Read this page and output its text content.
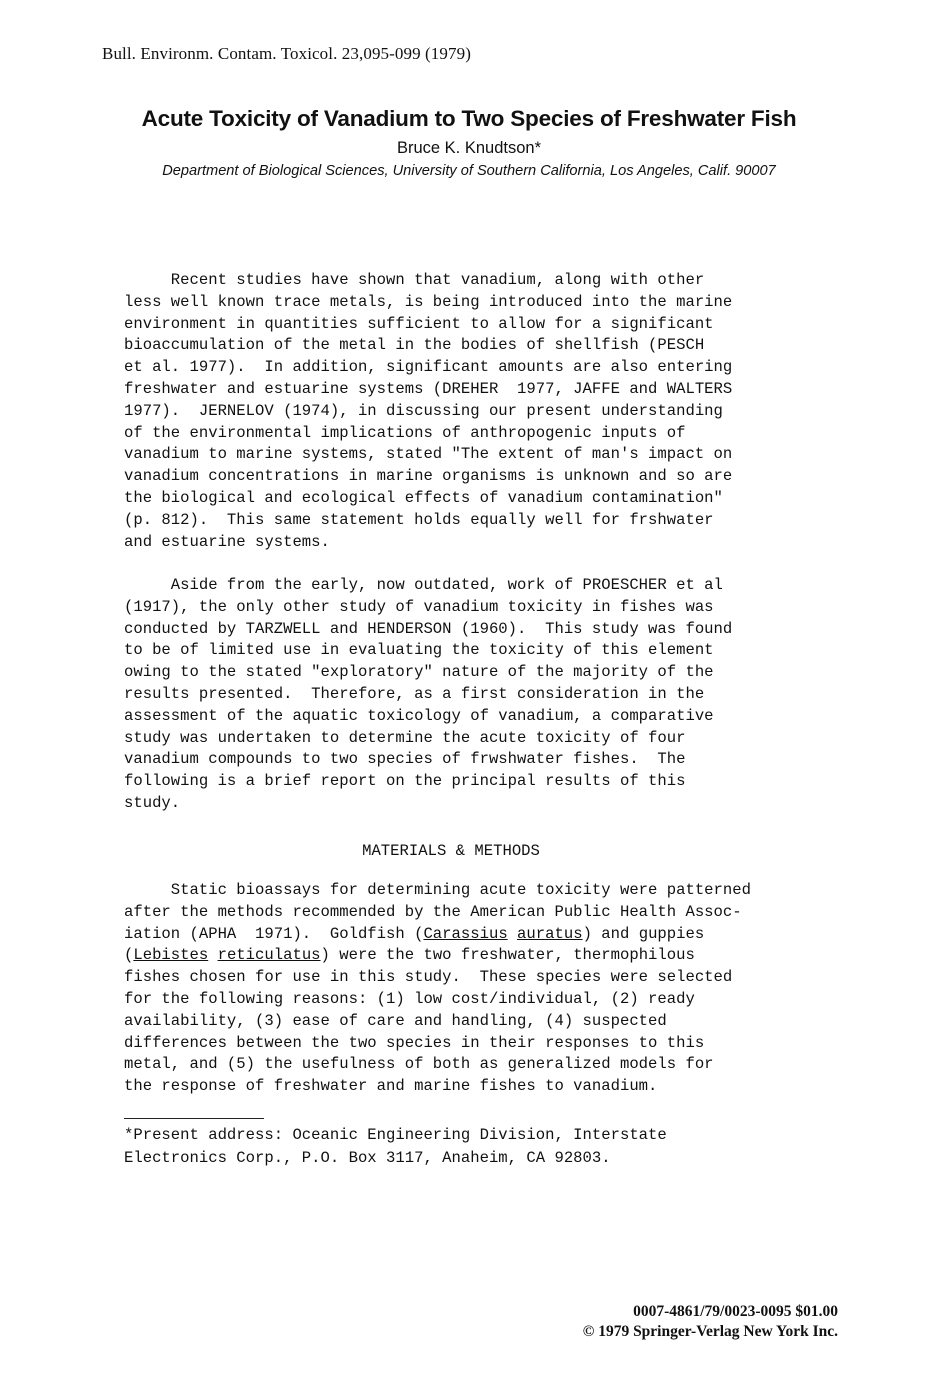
Bull. Environm. Contam. Toxicol. 23,095-099 (1979)
Acute Toxicity of Vanadium to Two Species of Freshwater Fish
Bruce K. Knudtson*
Department of Biological Sciences, University of Southern California, Los Angeles, Calif. 90007
Recent studies have shown that vanadium, along with other
less well known trace metals, is being introduced into the marine
environment in quantities sufficient to allow for a significant
bioaccumulation of the metal in the bodies of shellfish (PESCH
et al. 1977).  In addition, significant amounts are also entering
freshwater and estuarine systems (DREHER  1977, JAFFE and WALTERS
1977).  JERNELOV (1974), in discussing our present understanding
of the environmental implications of anthropogenic inputs of
vanadium to marine systems, stated "The extent of man's impact on
vanadium concentrations in marine organisms is unknown and so are
the biological and ecological effects of vanadium contamination"
(p. 812).  This same statement holds equally well for frshwater
and estuarine systems.
Aside from the early, now outdated, work of PROESCHER et al
(1917), the only other study of vanadium toxicity in fishes was
conducted by TARZWELL and HENDERSON (1960).  This study was found
to be of limited use in evaluating the toxicity of this element
owing to the stated "exploratory" nature of the majority of the
results presented.  Therefore, as a first consideration in the
assessment of the aquatic toxicology of vanadium, a comparative
study was undertaken to determine the acute toxicity of four
vanadium compounds to two species of frwshwater fishes.  The
following is a brief report on the principal results of this
study.
MATERIALS & METHODS
Static bioassays for determining acute toxicity were patterned
after the methods recommended by the American Public Health Assoc-
iation (APHA  1971).  Goldfish (Carassius auratus) and guppies
(Lebistes reticulatus) were the two freshwater, thermophilous
fishes chosen for use in this study.  These species were selected
for the following reasons: (1) low cost/individual, (2) ready
availability, (3) ease of care and handling, (4) suspected
differences between the two species in their responses to this
metal, and (5) the usefulness of both as generalized models for
the response of freshwater and marine fishes to vanadium.
*Present address: Oceanic Engineering Division, Interstate
Electronics Corp., P.O. Box 3117, Anaheim, CA 92803.
0007-4861/79/0023-0095 $01.00
© 1979 Springer-Verlag New York Inc.
